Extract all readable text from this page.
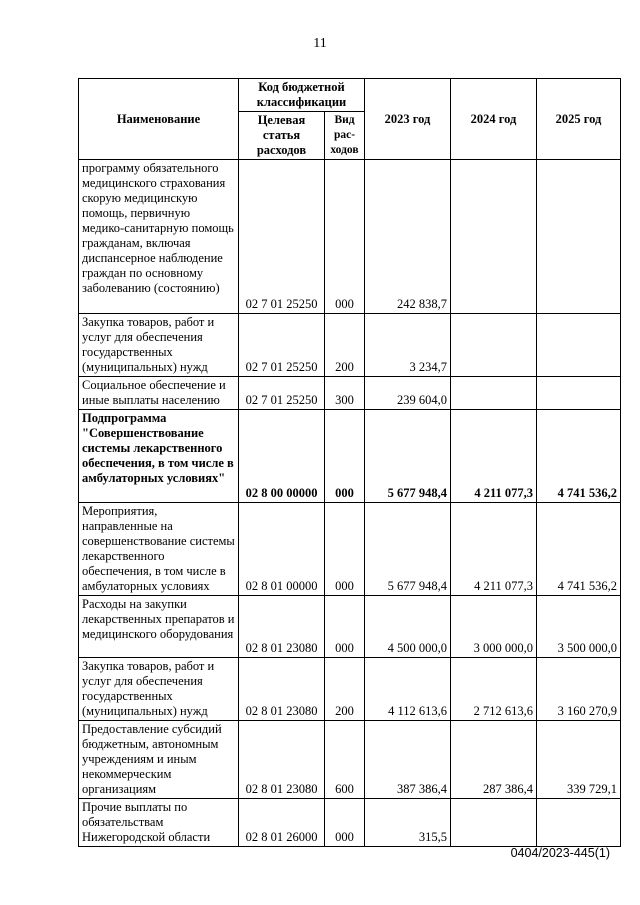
11
Наименование	Код бюджетной классификации		2023 год	2024 год	2025 год
	Целевая статья расходов	Вид рас-ходов			
программу обязательного медицинского страхования скорую медицинскую помощь, первичную медико-санитарную помощь гражданам, включая диспансерное наблюдение граждан по основному заболеванию (состоянию)	02 7 01 25250	000	242 838,7		
Закупка товаров, работ и услуг для обеспечения государственных (муниципальных) нужд	02 7 01 25250	200	3 234,7		
Социальное обеспечение и иные выплаты населению	02 7 01 25250	300	239 604,0		
Подпрограмма "Совершенствование системы лекарственного обеспечения, в том числе в амбулаторных условиях"	02 8 00 00000	000	5 677 948,4	4 211 077,3	4 741 536,2
Мероприятия, направленные на совершенствование системы лекарственного обеспечения, в том числе в амбулаторных условиях	02 8 01 00000	000	5 677 948,4	4 211 077,3	4 741 536,2
Расходы на закупки лекарственных препаратов и медицинского оборудования	02 8 01 23080	000	4 500 000,0	3 000 000,0	3 500 000,0
Закупка товаров, работ и услуг для обеспечения государственных (муниципальных) нужд	02 8 01 23080	200	4 112 613,6	2 712 613,6	3 160 270,9
Предоставление субсидий бюджетным, автономным учреждениям и иным некоммерческим организациям	02 8 01 23080	600	387 386,4	287 386,4	339 729,1
Прочие выплаты по обязательствам Нижегородской области	02 8 01 26000	000	315,5		
0404/2023-445(1)
